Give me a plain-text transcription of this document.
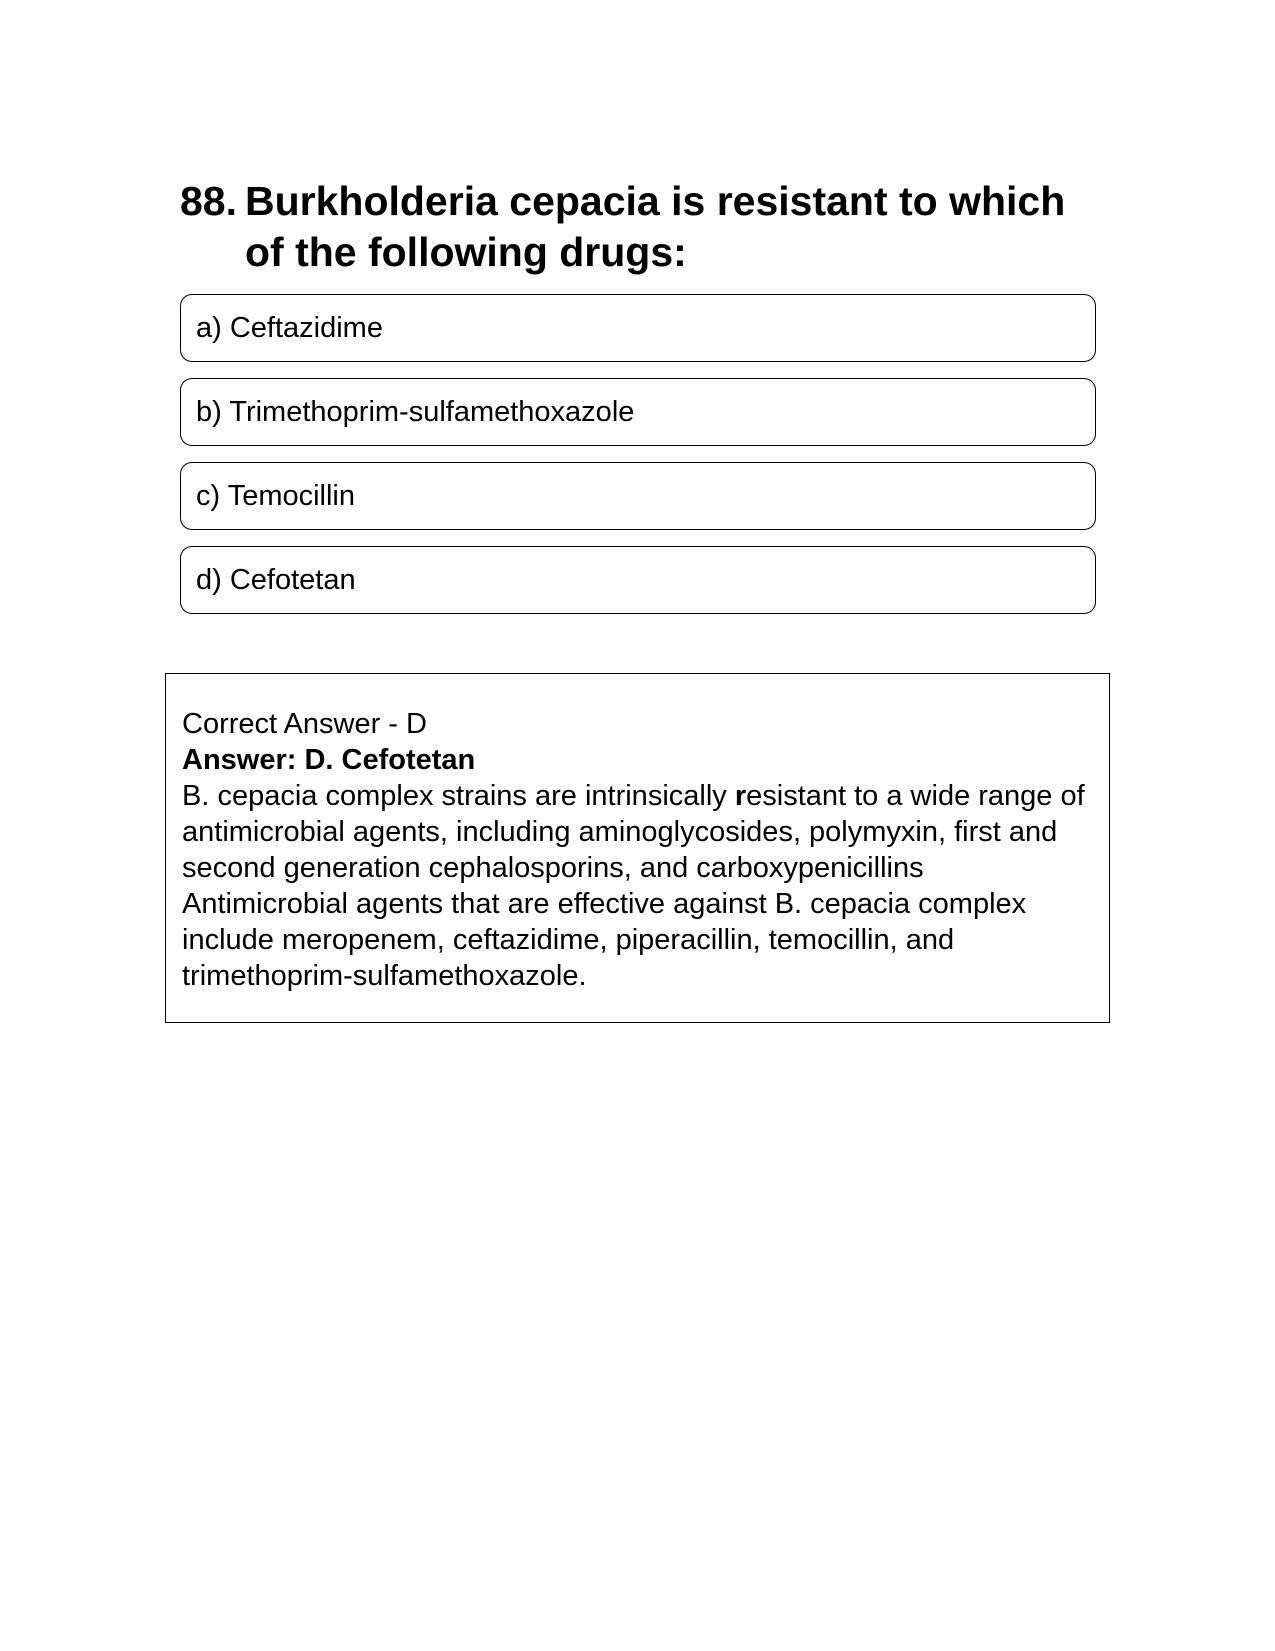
88. Burkholderia cepacia is resistant to which of the following drugs:
a) Ceftazidime
b) Trimethoprim-sulfamethoxazole
c) Temocillin
d) Cefotetan
Correct Answer - D
Answer: D. Cefotetan
B. cepacia complex strains are intrinsically resistant to a wide range of antimicrobial agents, including aminoglycosides, polymyxin, first and second generation cephalosporins, and carboxypenicillins Antimicrobial agents that are effective against B. cepacia complex include meropenem, ceftazidime, piperacillin, temocillin, and trimethoprim-sulfamethoxazole.
